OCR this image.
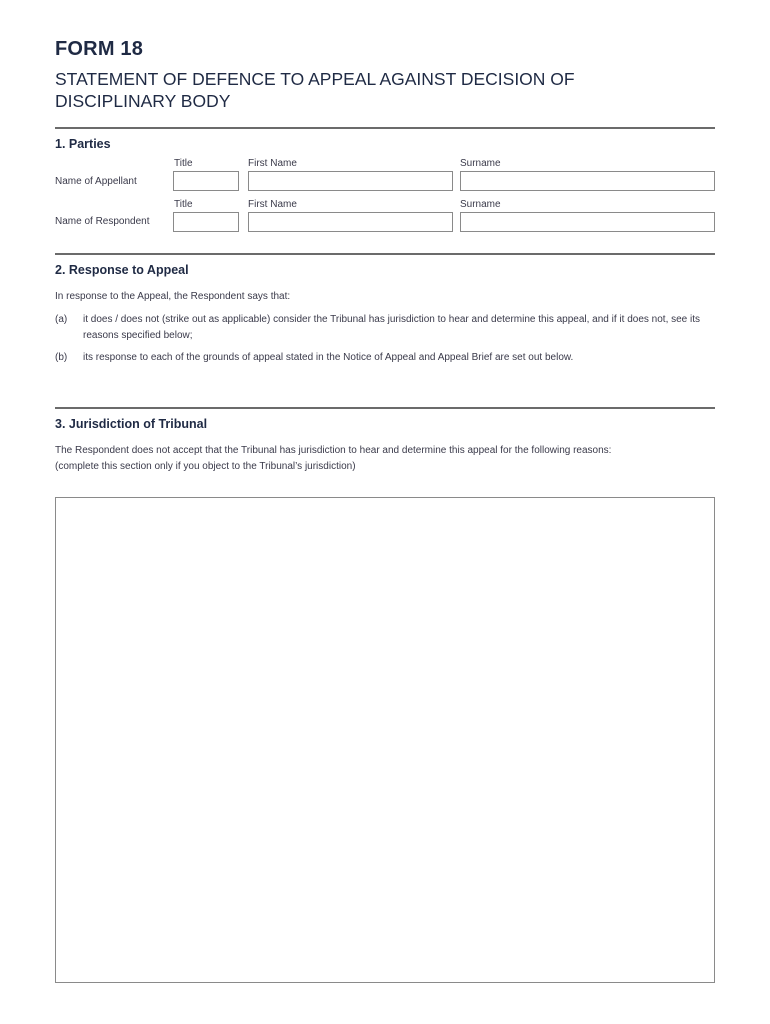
FORM 18
STATEMENT OF DEFENCE TO APPEAL AGAINST DECISION OF DISCIPLINARY BODY
1. Parties
Title	First Name	Surname
Name of Appellant
Title	First Name	Surname
Name of Respondent
2. Response to Appeal
In response to the Appeal, the Respondent says that:
(a) it does / does not (strike out as applicable) consider the Tribunal has jurisdiction to hear and determine this appeal, and if it does not, see its reasons specified below;
(b) its response to each of the grounds of appeal stated in the Notice of Appeal and Appeal Brief are set out below.
3. Jurisdiction of Tribunal
The Respondent does not accept that the Tribunal has jurisdiction to hear and determine this appeal for the following reasons:
(complete this section only if you object to the Tribunal’s jurisdiction)
